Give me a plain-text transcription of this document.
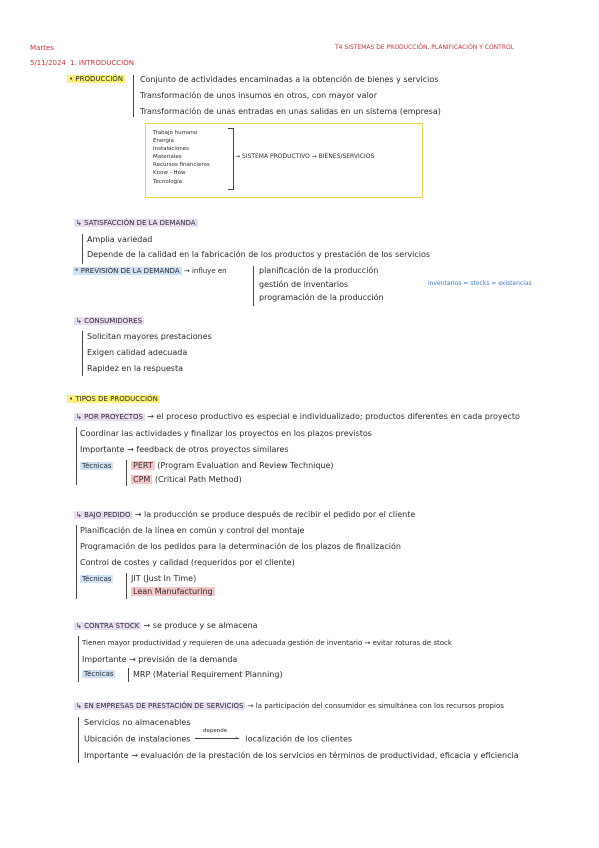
Martes
5/11/2024 1. INTRODUCCIÓN
T4 SISTEMAS DE PRODUCCIÓN, PLANIFICACIÓN Y CONTROL
• PRODUCCIÓN Conjunto de actividades encaminadas a la obtención de bienes y servicios
Transformación de unos insumos en otros, con mayor valor
Transformación de unas entradas en unas salidas en un sistema (empresa)
Trabajo humano
Energía
Instalaciones
Materiales
Recursos financieros
Know - How
Tecnología
→ SISTEMA PRODUCTIVO → BIENES/SERVICIOS
↳ SATISFACCIÓN DE LA DEMANDA
Amplia variedad
Depende de la calidad en la fabricación de los productos y prestación de los servicios
* PREVISIÓN DE LA DEMANDA → influye en	planificación de la producción
gestión de inventarios
programación de la producción
inventarios = stocks = existencias
↳ CONSUMIDORES
Solicitan mayores prestaciones
Exigen calidad adecuada
Rapidez en la respuesta
• TIPOS DE PRODUCCIÓN
↳ POR PROYECTOS → el proceso productivo es especial e individualizado; productos diferentes en cada proyecto
Coordinar las actividades y finalizar los proyectos en los plazos previstos
Importante → feedback de otros proyectos similares
Técnicas	PERT (Program Evaluation and Review Technique)
CPM (Critical Path Method)
↳ BAJO PEDIDO → la producción se produce después de recibir el pedido por el cliente
Planificación de la línea en común y control del montaje
Programación de los pedidos para la determinación de los plazos de finalización
Control de costes y calidad (requeridos por el cliente)
Técnicas JIT (Just In Time)
Lean Manufacturing
↳ CONTRA STOCK → se produce y se almacena
Tienen mayor productividad y requieren de una adecuada gestión de inventario → evitar roturas de stock
Importante → previsión de la demanda
Técnicas MRP (Material Requirement Planning)
↳ EN EMPRESAS DE PRESTACIÓN DE SERVICIOS → la participación del consumidor es simultánea con los recursos propios
Servicios no almacenables
Ubicación de instalaciones
depende
› localización de los clientes
Importante → evaluación de la prestación de los servicios en términos de productividad, eficacia y eficiencia
